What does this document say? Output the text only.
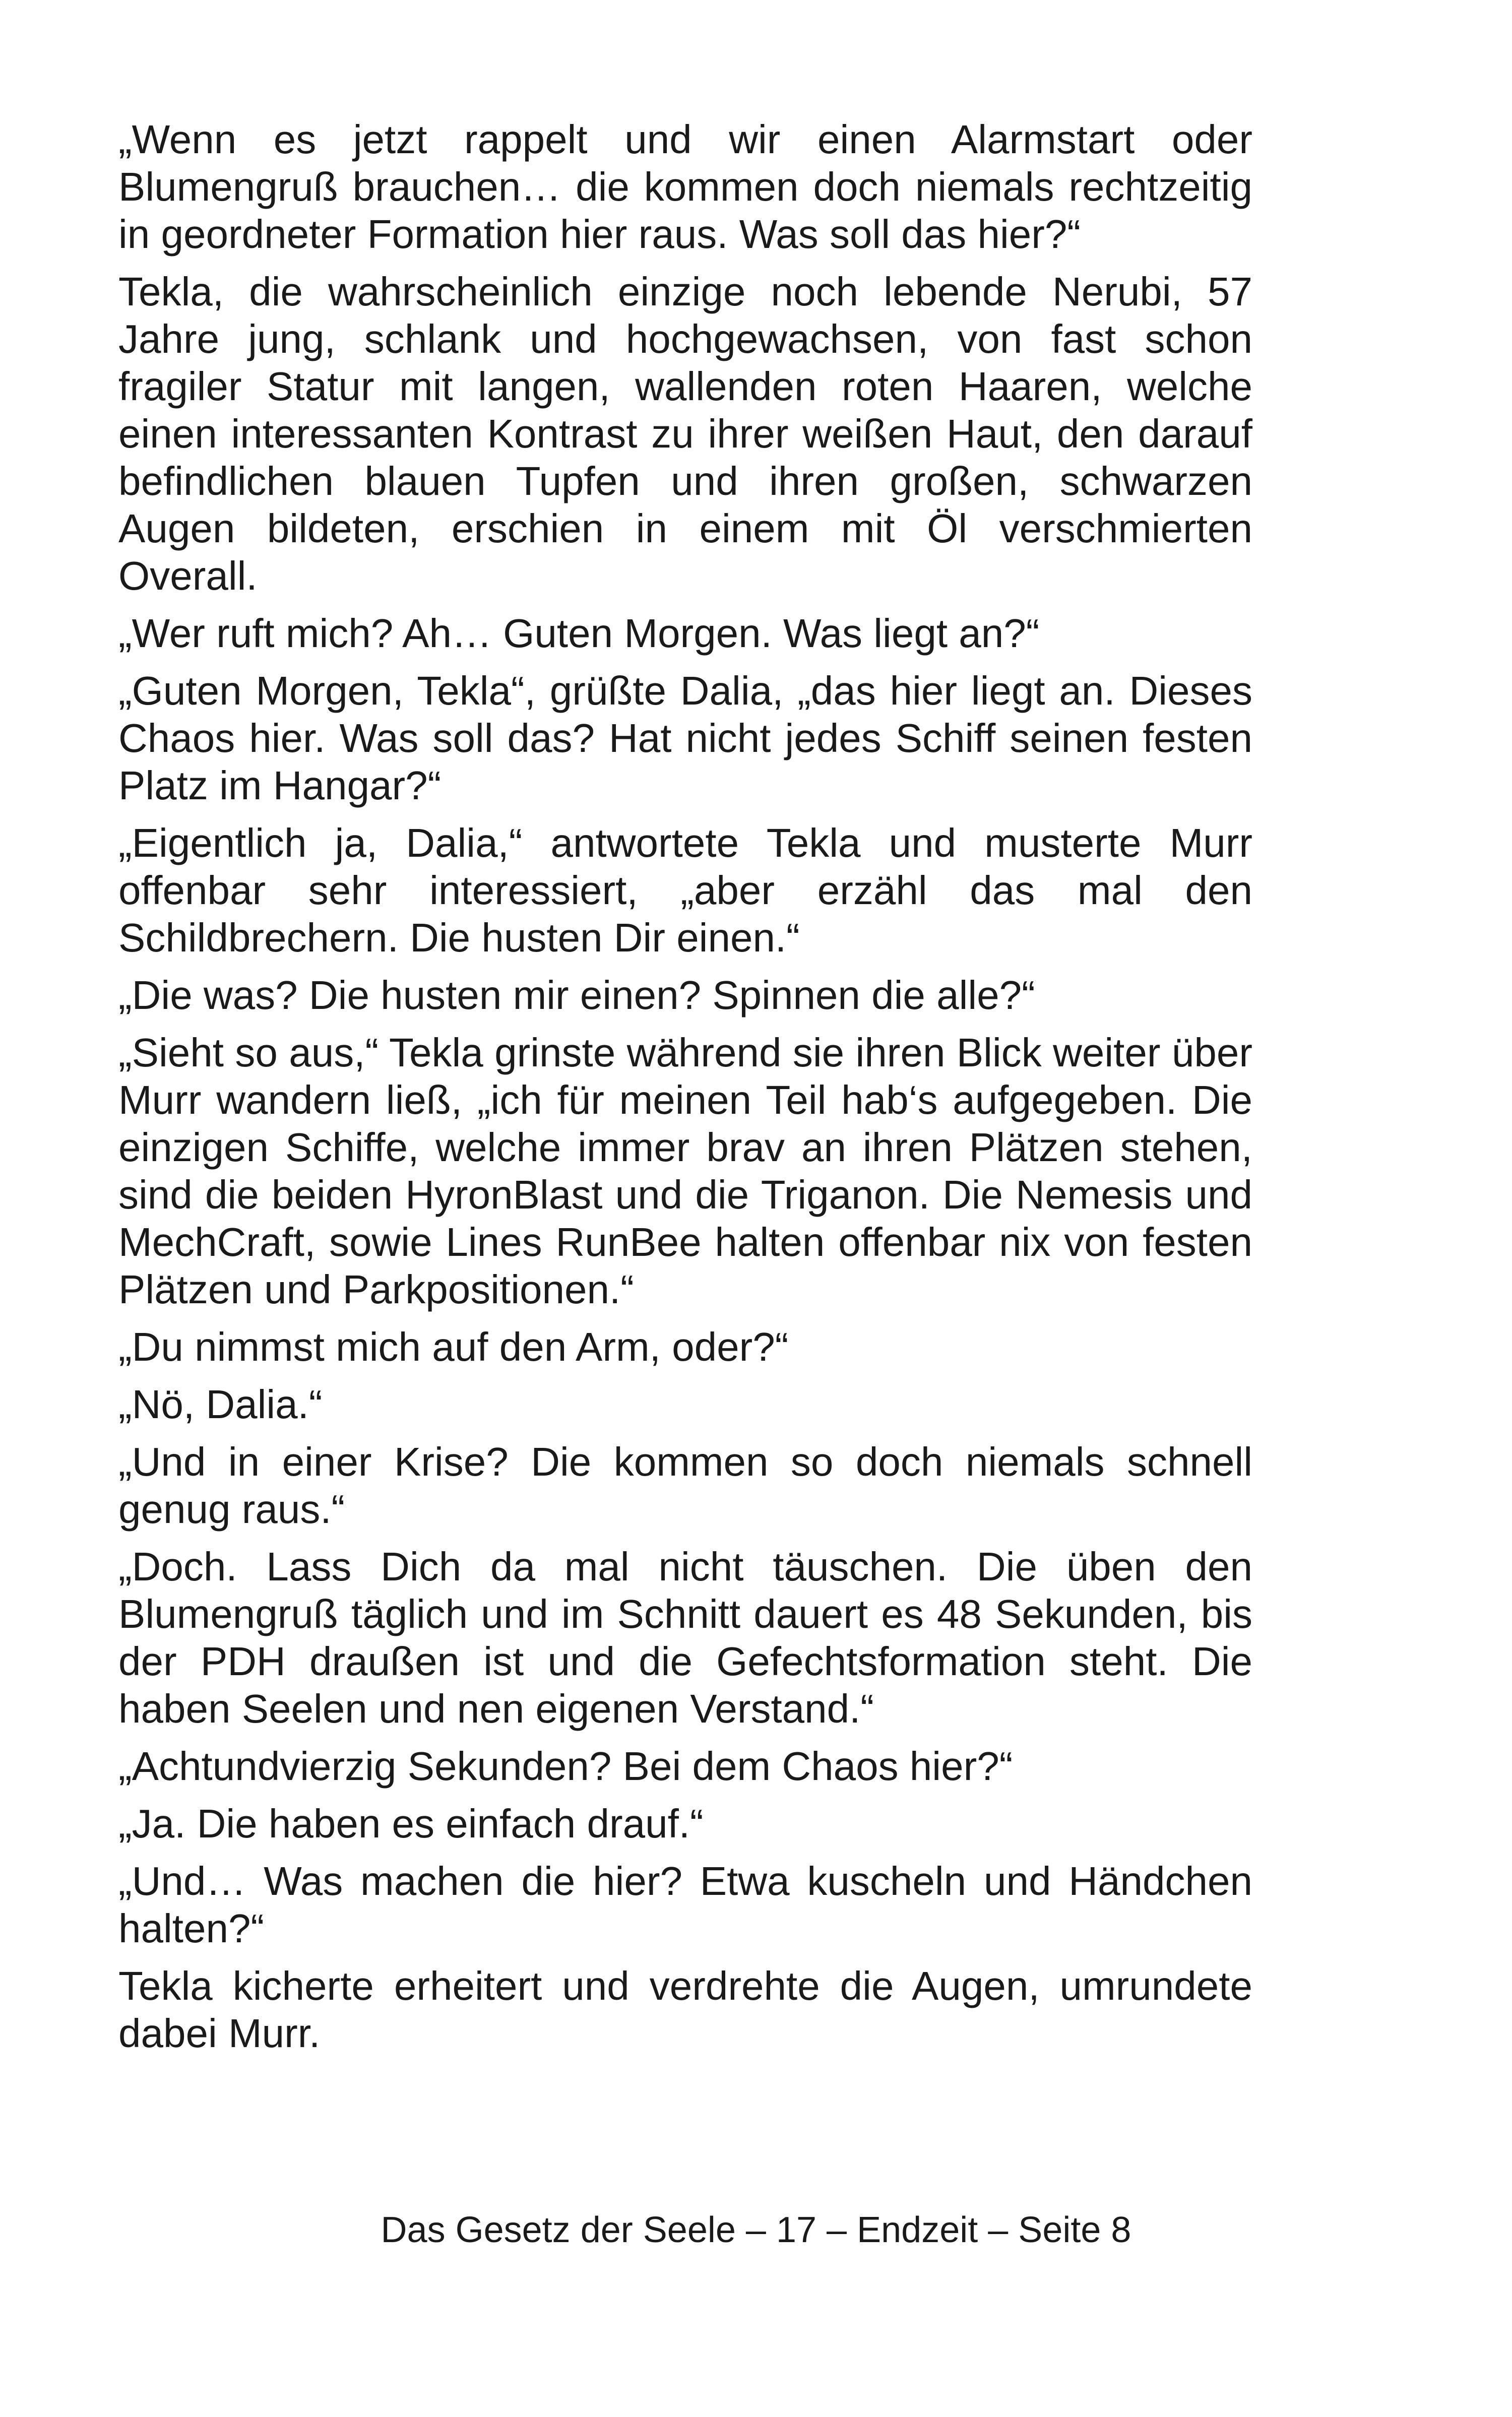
„Wenn es jetzt rappelt und wir einen Alarmstart oder Blumengruß brauchen… die kommen doch niemals rechtzeitig in geordneter Formation hier raus. Was soll das hier?“

Tekla, die wahrscheinlich einzige noch lebende Nerubi, 57 Jahre jung, schlank und hochgewachsen, von fast schon fragiler Statur mit langen, wallenden roten Haaren, welche einen interessanten Kontrast zu ihrer weißen Haut, den darauf befindlichen blauen Tupfen und ihren großen, schwarzen Augen bildeten, erschien in einem mit Öl verschmierten Overall.

„Wer ruft mich? Ah… Guten Morgen. Was liegt an?“

„Guten Morgen, Tekla“, grüßte Dalia, „das hier liegt an. Dieses Chaos hier. Was soll das? Hat nicht jedes Schiff seinen festen Platz im Hangar?“

„Eigentlich ja, Dalia,“ antwortete Tekla und musterte Murr offenbar sehr interessiert, „aber erzähl das mal den Schildbrechern. Die husten Dir einen.“

„Die was? Die husten mir einen? Spinnen die alle?“

„Sieht so aus,“ Tekla grinste während sie ihren Blick weiter über Murr wandern ließ, „ich für meinen Teil hab‘s aufgegeben. Die einzigen Schiffe, welche immer brav an ihren Plätzen stehen, sind die beiden HyronBlast und die Triganon. Die Nemesis und MechCraft, sowie Lines RunBee halten offenbar nix von festen Plätzen und Parkpositionen.“

„Du nimmst mich auf den Arm, oder?“

„Nö, Dalia.“

„Und in einer Krise? Die kommen so doch niemals schnell genug raus.“

„Doch. Lass Dich da mal nicht täuschen. Die üben den Blumengruß täglich und im Schnitt dauert es 48 Sekunden, bis der PDH draußen ist und die Gefechtsformation steht. Die haben Seelen und nen eigenen Verstand.“

„Achtundvierzig Sekunden? Bei dem Chaos hier?“

„Ja. Die haben es einfach drauf.“

„Und… Was machen die hier? Etwa kuscheln und Händchen halten?“

Tekla kicherte erheitert und verdrehte die Augen, umrundete dabei Murr.

Das Gesetz der Seele – 17 – Endzeit – Seite 8
